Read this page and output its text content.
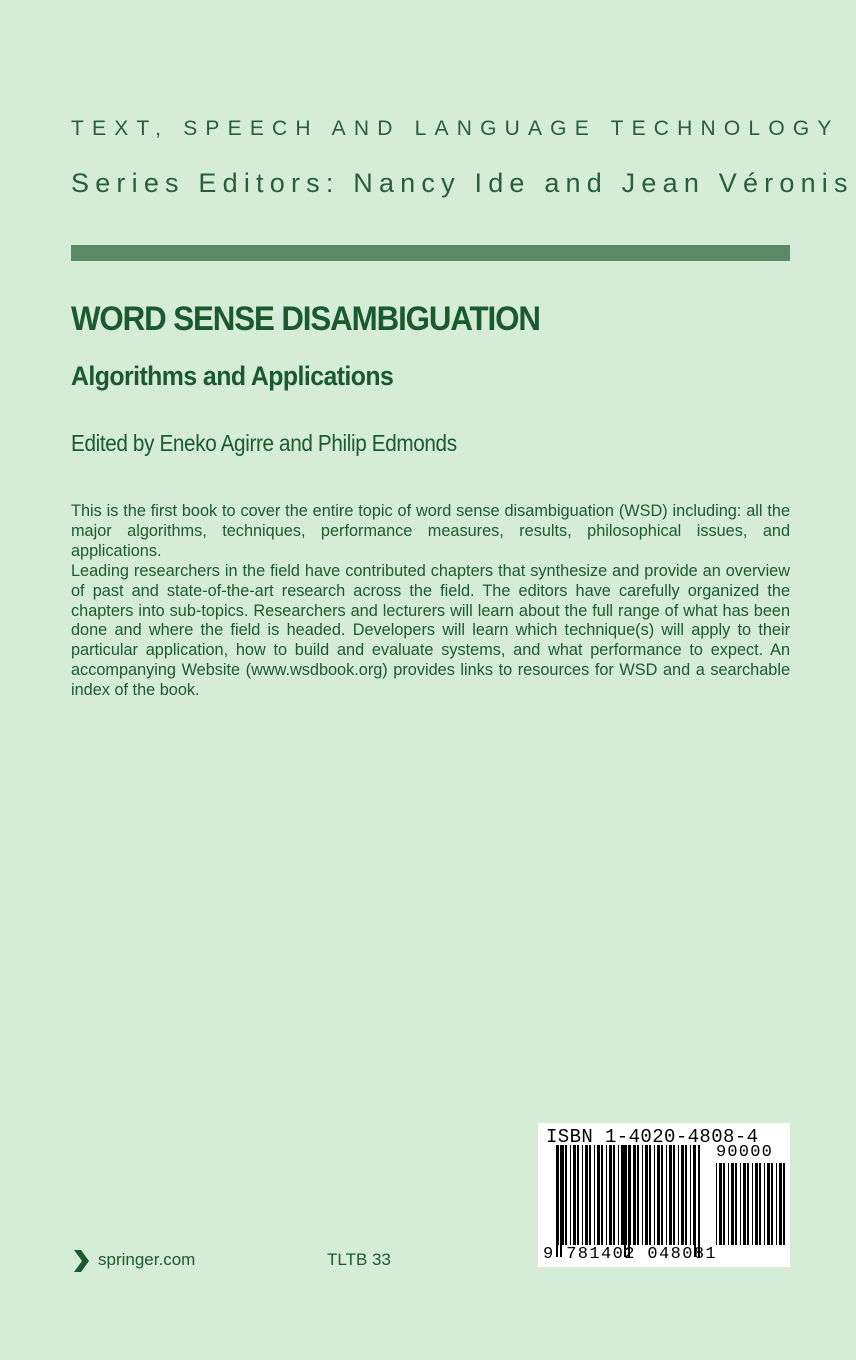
TEXT, SPEECH AND LANGUAGE TECHNOLOGY
Series Editors: Nancy Ide and Jean Véronis
WORD SENSE DISAMBIGUATION
Algorithms and Applications
Edited by Eneko Agirre and Philip Edmonds

This is the first book to cover the entire topic of word sense disambiguation (WSD) including: all the major algorithms, techniques, performance measures, results, philosophical issues, and applications.

Leading researchers in the field have contributed chapters that synthesize and provide an overview of past and state-of-the-art research across the field. The editors have carefully organized the chapters into sub-topics. Researchers and lecturers will learn about the full range of what has been done and where the field is headed. Developers will learn which technique(s) will apply to their particular application, how to build and evaluate systems, and what performance to expect. An accompanying Website (www.wsdbook.org) provides links to resources for WSD and a searchable index of the book.

springer.com	TLTB 33
ISBN 1-4020-4808-4
90000
9 781402 048081
